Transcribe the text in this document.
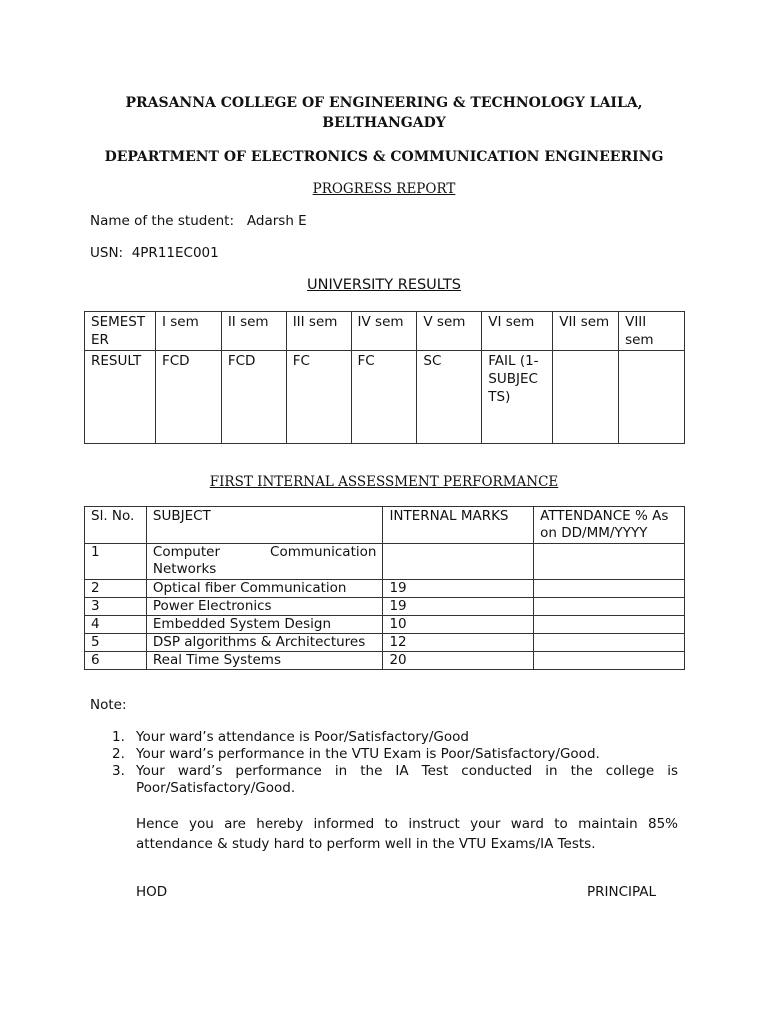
PRASANNA COLLEGE OF ENGINEERING & TECHNOLOGY LAILA,
BELTHANGADY
DEPARTMENT OF ELECTRONICS & COMMUNICATION ENGINEERING
PROGRESS REPORT
Name of the student: Adarsh E
USN: 4PR11EC001
UNIVERSITY RESULTS
SEMEST ER	I sem	II sem	III sem	IV sem	V sem	VI sem	VII sem	VIII sem
RESULT	FCD	FCD	FC	FC	SC	FAIL (1-SUBJEC TS)		
FIRST INTERNAL ASSESSMENT PERFORMANCE
Sl. No.	SUBJECT	INTERNAL MARKS	ATTENDANCE % As on DD/MM/YYYY
1	Computer Communication Networks		

2	Optical fiber Communication	19	
3	Power Electronics	19	
4	Embedded System Design	10	
5	DSP algorithms & Architectures	12	
6	Real Time Systems	20	
Note:
1. Your ward’s attendance is Poor/Satisfactory/Good
2. Your ward’s performance in the VTU Exam is Poor/Satisfactory/Good.
3. Your ward’s performance in the IA Test conducted in the college is Poor/Satisfactory/Good.
Hence you are hereby informed to instruct your ward to maintain 85% attendance & study hard to perform well in the VTU Exams/IA Tests.
HOD	PRINCIPAL
